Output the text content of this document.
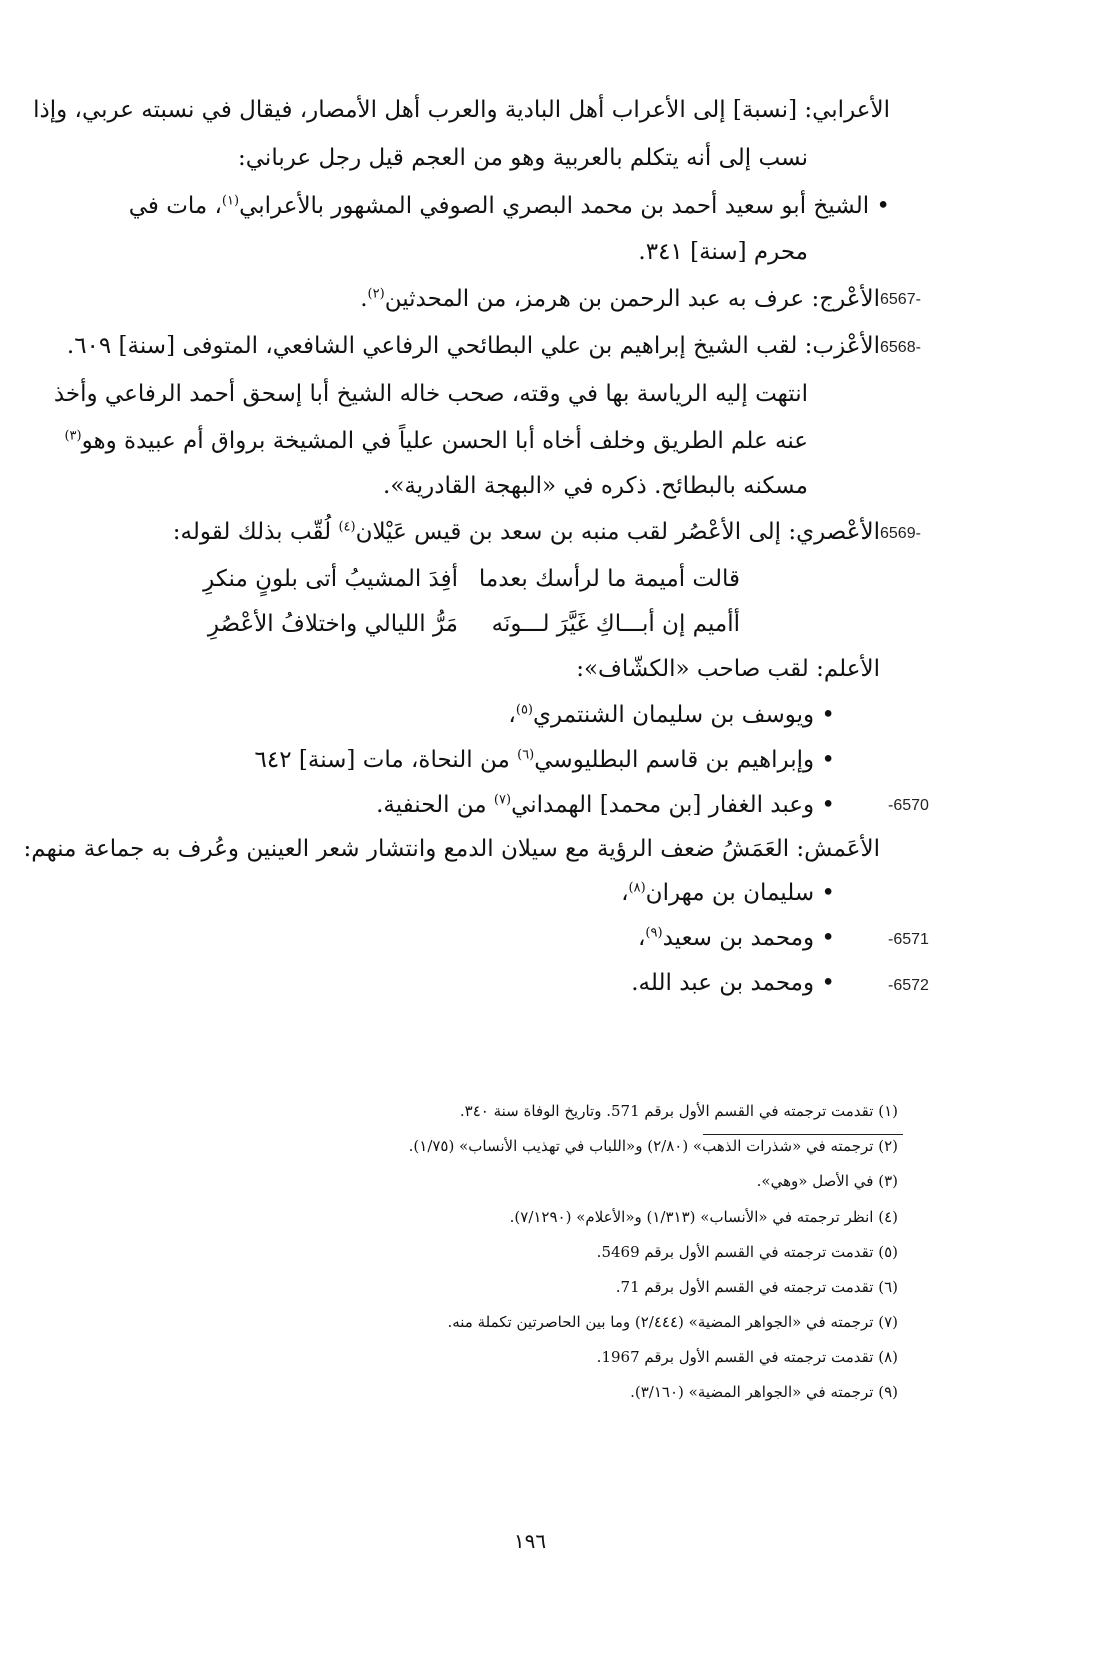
الأعرابي: [نسبة] إلى الأعراب أهل البادية والعرب أهل الأمصار، فيقال في نسبته عربي، وإذا
نسب إلى أنه يتكلم بالعربية وهو من العجم قيل رجل عرباني:
• الشيخ أبو سعيد أحمد بن محمد البصري الصوفي المشهور بالأعرابي$^{(١)}$، مات في
محرم [سنة] ٣٤١.
6567-
الأعْرج: عرف به عبد الرحمن بن هرمز، من المحدثين$^{(٢)}$.
6568-
الأعْزب: لقب الشيخ إبراهيم بن علي البطائحي الرفاعي الشافعي، المتوفى [سنة] ٦٠٩.
انتهت إليه الرياسة بها في وقته، صحب خاله الشيخ أبا إسحق أحمد الرفاعي وأخذ
عنه علم الطريق وخلف أخاه أبا الحسن علياً في المشيخة برواق أم عبيدة وهو$^{(٣)}$
مسكنه بالبطائح. ذكره في «البهجة القادرية».
6569-
الأعْصري: إلى الأعْصُر لقب منبه بن سعد بن قيس عَيْلان$^{(٤)}$ لُقّب بذلك لقوله:
قالت أميمة ما لرأسك بعدما
أفِدَ المشيبُ أتى بلونٍ منكرِ
أأميم إن أبـــاكِ غَيَّرَ لـــونَه
مَرُّ الليالي واختلافُ الأعْصُرِ
الأعلم: لقب صاحب «الكشّاف»:
• ويوسف بن سليمان الشنتمري$^{(٥)}$،
• وإبراهيم بن قاسم البطليوسي$^{(٦)}$ من النحاة، مات [سنة] ٦٤٢
-6570
• وعبد الغفار [بن محمد] الهمداني$^{(٧)}$ من الحنفية.
الأعَمش: العَمَشُ ضعف الرؤية مع سيلان الدمع وانتشار شعر العينين وعُرف به جماعة منهم:
• سليمان بن مهران$^{(٨)}$،
-6571
• ومحمد بن سعيد$^{(٩)}$،
-6572
• ومحمد بن عبد الله.
(١) تقدمت ترجمته في القسم الأول برقم 571. وتاريخ الوفاة سنة ٣٤٠.
(٢) ترجمته في «شذرات الذهب» (٢/٨٠) و«اللباب في تهذيب الأنساب» (١/٧٥).
(٣) في الأصل «وهي».
(٤) انظر ترجمته في «الأنساب» (١/٣١٣) و«الأعلام» (٧/١٢٩٠).
(٥) تقدمت ترجمته في القسم الأول برقم 5469.
(٦) تقدمت ترجمته في القسم الأول برقم 71.
(٧) ترجمته في «الجواهر المضية» (٢/٤٤٤) وما بين الحاصرتين تكملة منه.
(٨) تقدمت ترجمته في القسم الأول برقم 1967.
(٩) ترجمته في «الجواهر المضية» (٣/١٦٠).
١٩٦
